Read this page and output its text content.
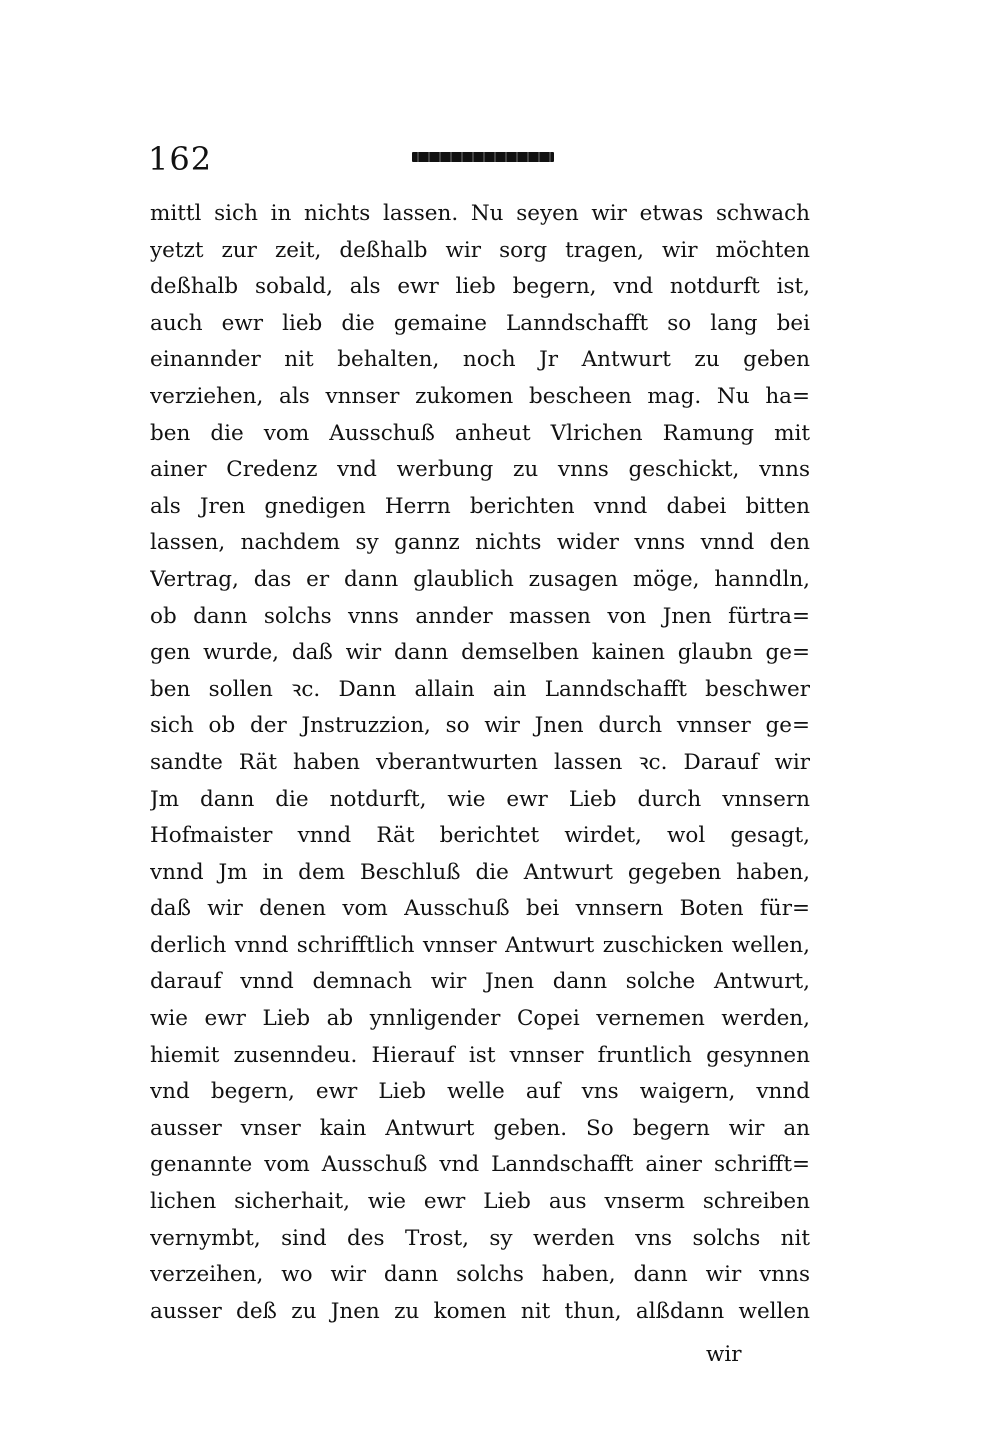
162
mittl sich in nichts lassen. Nu seyen wir etwas schwach
yetzt zur zeit, deßhalb wir sorg tragen, wir möchten
deßhalb sobald, als ewr lieb begern, vnd notdurft ist,
auch ewr lieb die gemaine Lanndschafft so lang bei
einannder nit behalten, noch Jr Antwurt zu geben
verziehen, als vnnser zukomen bescheen mag. Nu ha=
ben die vom Ausschuß anheut Vlrichen Ramung mit
ainer Credenz vnd werbung zu vnns geschickt, vnns
als Jren gnedigen Herrn berichten vnnd dabei bitten
lassen, nachdem sy gannz nichts wider vnns vnnd den
Vertrag, das er dann glaublich zusagen möge, hanndln,
ob dann solchs vnns annder massen von Jnen fürtra=
gen wurde, daß wir dann demselben kainen glaubn ge=
ben sollen ꝛc. Dann allain ain Lanndschafft beschwer
sich ob der Jnstruzzion, so wir Jnen durch vnnser ge=
sandte Rät haben vberantwurten lassen ꝛc. Darauf wir
Jm dann die notdurft, wie ewr Lieb durch vnnsern
Hofmaister vnnd Rät berichtet wirdet, wol gesagt,
vnnd Jm in dem Beschluß die Antwurt gegeben haben,
daß wir denen vom Ausschuß bei vnnsern Boten für=
derlich vnnd schrifftlich vnnser Antwurt zuschicken wellen,
darauf vnnd demnach wir Jnen dann solche Antwurt,
wie ewr Lieb ab ynnligender Copei vernemen werden,
hiemit zusenndeu. Hierauf ist vnnser fruntlich gesynnen
vnd begern, ewr Lieb welle auf vns waigern, vnnd
ausser vnser kain Antwurt geben. So begern wir an
genannte vom Ausschuß vnd Lanndschafft ainer schrifft=
lichen sicherhait, wie ewr Lieb aus vnserm schreiben
vernymbt, sind des Trost, sy werden vns solchs nit
verzeihen, wo wir dann solchs haben, dann wir vnns
ausser deß zu Jnen zu komen nit thun, alßdann wellen
wir
